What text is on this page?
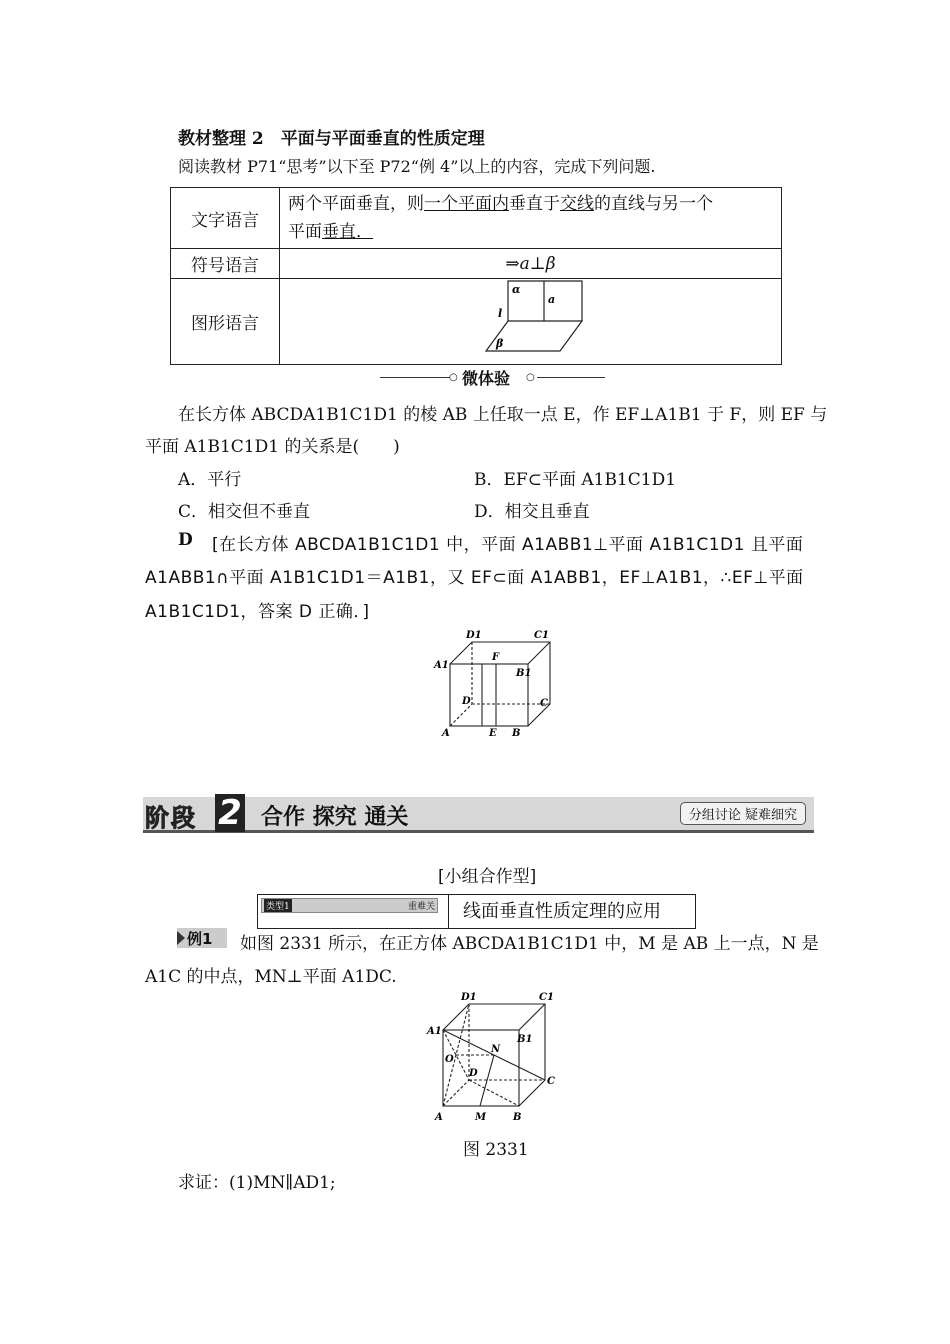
教材整理 2　平面与平面垂直的性质定理
阅读教材 P71“思考”以下至 P72“例 4”以上的内容，完成下列问题.
文字语言	两个平面垂直，则一个平面内垂直于交线的直线与另一个
平面垂直．
符号语言	⇒a⊥β
图形语言	α
a
l
β
○ 微体验 ○
在长方体 ABCDA1B1C1D1 的棱 AB 上任取一点 E，作 EF⊥A1B1 于 F，则 EF 与
平面 A1B1C1D1 的关系是(　　)
A．平行	B．EF⊂平面 A1B1C1D1
C．相交但不垂直	D．相交且垂直
D [在长方体 ABCDA1B1C1D1 中，平面 A1ABB1⊥平面 A1B1C1D1 且平面
A1ABB1∩平面 A1B1C1D1＝A1B1，又 EF⊂面 A1ABB1，EF⊥A1B1，∴EF⊥平面
A1B1C1D1，答案 D 正确．]
D1	C1
A1
F
B1
D	C
A	E B
阶段 2 合作 探究 通关	分组讨论 疑难细究
[小组合作型]
类型1	重难关 线面垂直性质定理的应用
例1 如图 2331 所示，在正方体 ABCDA1B1C1D1 中，M 是 AB 上一点，N 是
A1C 的中点，MN⊥平面 A1DC.
D1	C1
A1
B1
O
N
D
C
A	M	B
图 2331
求证：(1)MN∥AD1;
